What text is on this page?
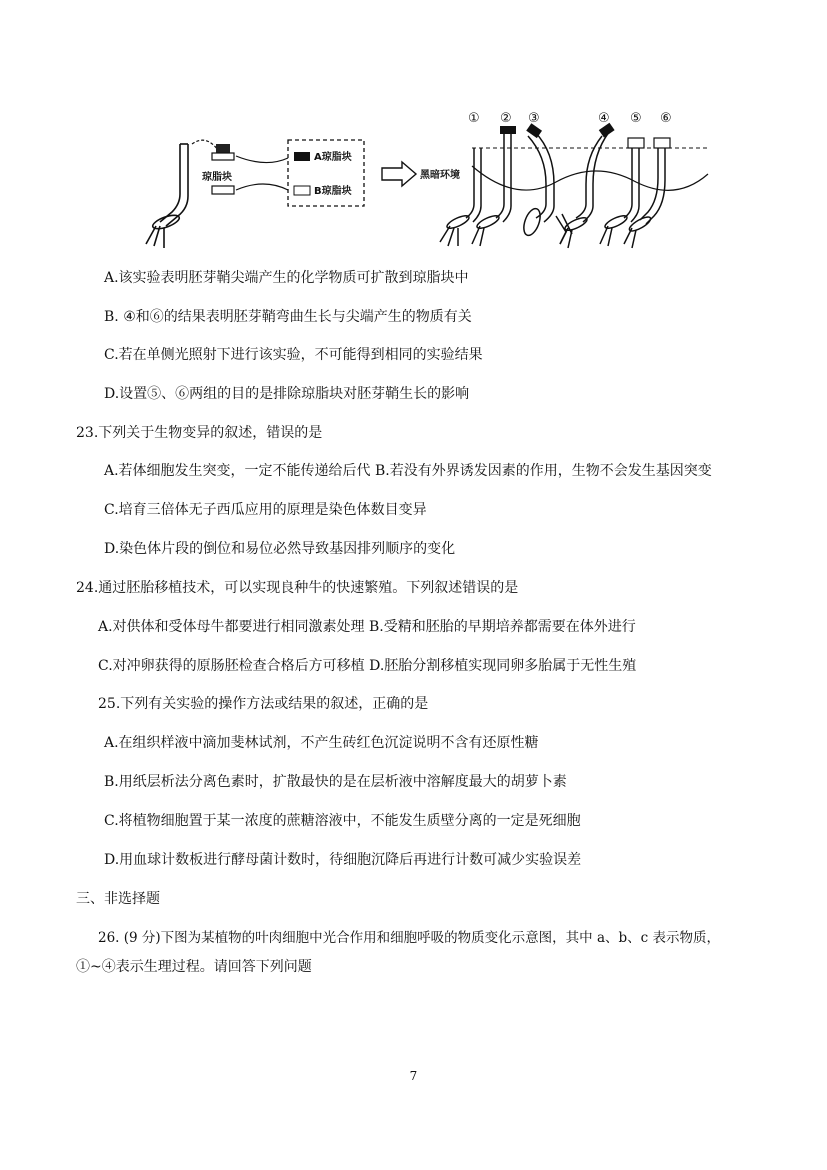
琼脂块
A琼脂块
B琼脂块
黑暗环境
① ② ③	④ ⑤ ⑥
A.该实验表明胚芽鞘尖端产生的化学物质可扩散到琼脂块中
B. ④和⑥的结果表明胚芽鞘弯曲生长与尖端产生的物质有关
C.若在单侧光照射下进行该实验，不可能得到相同的实验结果
D.设置⑤、⑥两组的目的是排除琼脂块对胚芽鞘生长的影响
23.下列关于生物变异的叙述，错误的是
A.若体细胞发生突变，一定不能传递给后代 B.若没有外界诱发因素的作用，生物不会发生基因突变
C.培育三倍体无子西瓜应用的原理是染色体数目变异
D.染色体片段的倒位和易位必然导致基因排列顺序的变化
24.通过胚胎移植技术，可以实现良种牛的快速繁殖。下列叙述错误的是
A.对供体和受体母牛都要进行相同激素处理 B.受精和胚胎的早期培养都需要在体外进行
C.对冲卵获得的原肠胚检查合格后方可移植 D.胚胎分割移植实现同卵多胎属于无性生殖
25.下列有关实验的操作方法或结果的叙述，正确的是
A.在组织样液中滴加斐林试剂，不产生砖红色沉淀说明不含有还原性糖
B.用纸层析法分离色素时，扩散最快的是在层析液中溶解度最大的胡萝卜素
C.将植物细胞置于某一浓度的蔗糖溶液中，不能发生质壁分离的一定是死细胞
D.用血球计数板进行酵母菌计数时，待细胞沉降后再进行计数可减少实验误差
三、非选择题
26. (9 分)下图为某植物的叶肉细胞中光合作用和细胞呼吸的物质变化示意图，其中 a、b、c 表示物质，
①~④表示生理过程。请回答下列问题
7
